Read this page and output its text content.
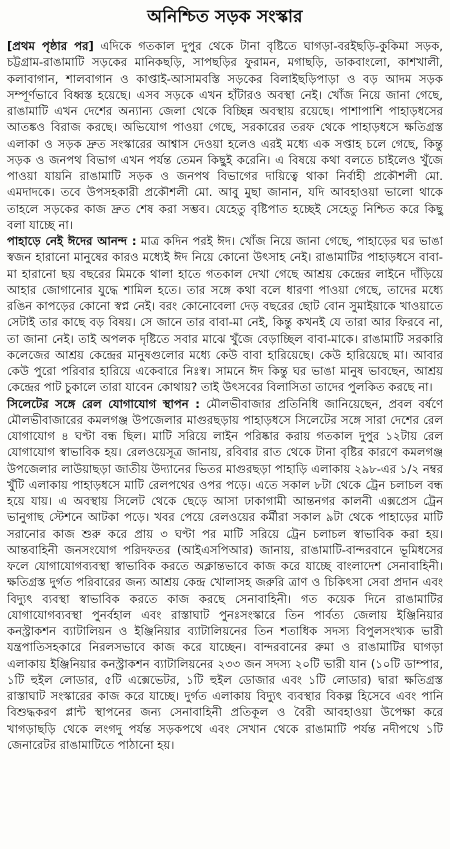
অনিশ্চিত সড়ক সংস্কার

[প্রথম পৃষ্ঠার পর] এদিকে গতকাল দুপুর থেকে টানা বৃষ্টিতে ঘাগড়া-বরইছড়ি-কুকিমা সড়ক, চট্টগ্রাম-রাঙামাটি সড়কের মানিকছড়ি, সাপছড়ির ফুরামন, মগাছড়ি, ডাকবাংলো, কাশখালী, কলাবাগান, শালবাগান ও কাপ্তাই-আসামবস্তি সড়কের বিলাইছড়িপাড়া ও বড় আদম সড়ক সম্পূর্ণভাবে বিধ্বস্ত হয়েছে। এসব সড়কে এখন হাঁটারও অবস্থা নেই। খোঁজ নিয়ে জানা গেছে, রাঙামাটি এখন দেশের অন্যান্য জেলা থেকে বিচ্ছিন্ন অবস্থায় রয়েছে। পাশাপাশি পাহাড়ধসের আতঙ্কও বিরাজ করছে। অভিযোগ পাওয়া গেছে, সরকারের তরফ থেকে পাহাড়ধসে ক্ষতিগ্রস্ত এলাকা ও সড়ক দ্রুত সংস্কারের আশ্বাস দেওয়া হলেও এরই মধ্যে এক সপ্তাহ চলে গেছে, কিন্তু সড়ক ও জনপথ বিভাগ এখন পর্যন্ত তেমন কিছুই করেনি। এ বিষয়ে কথা বলতে চাইলেও খুঁজে পাওয়া যায়নি রাঙামাটি সড়ক ও জনপথ বিভাগের দায়িত্বে থাকা নির্বাহী প্রকৌশলী মো. এমদাদকে। তবে উপসহকারী প্রকৌশলী মো. আবু মুছা জানান, যদি আবহাওয়া ভালো থাকে তাহলে সড়কের কাজ দ্রুত শেষ করা সম্ভব। যেহেতু বৃষ্টিপাত হচ্ছেই সেহেতু নিশ্চিত করে কিছু বলা যাচ্ছে না।

পাহাড়ে নেই ঈদের আনন্দ : মাত্র কদিন পরই ঈদ। খোঁজ নিয়ে জানা গেছে, পাহাড়ের ঘর ভাঙা স্বজন হারানো মানুষের কারও মধ্যেই ঈদ নিয়ে কোনো উৎসাহ নেই। রাঙামাটির পাহাড়ধসে বাবা-মা হারানো ছয় বছরের মিমকে থালা হাতে গতকাল দেখা গেছে আশ্রয় কেন্দ্রের লাইনে দাঁড়িয়ে আহার জোগানোর যুদ্ধে শামিল হতে। তার সঙ্গে কথা বলে ধারণা পাওয়া গেছে, তাদের মধ্যে রঙিন কাপড়ের কোনো স্বপ্ন নেই। বরং কোনোবেলা দেড় বছরের ছোট বোন সুমাইয়াকে খাওয়াতে সেটাই তার কাছে বড় বিষয়। সে জানে তার বাবা-মা নেই, কিন্তু কখনই যে তারা আর ফিরবে না, তা জানা নেই। তাই অপলক দৃষ্টিতে সবার মাঝে খুঁজে বেড়াচ্ছিল বাবা-মাকে। রাঙামাটি সরকারি কলেজের আশ্রয় কেন্দ্রের মানুষগুলোর মধ্যে কেউ বাবা হারিয়েছে। কেউ হারিয়েছে মা। আবার কেউ পুরো পরিবার হারিয়ে একেবারে নিঃস্ব। সামনে ঈদ কিন্তু ঘর ভাঙা মানুষ ভাবছেন, আশ্রয় কেন্দ্রের পাট চুকালে তারা যাবেন কোথায়? তাই উৎসবের বিলাসিতা তাদের পুলকিত করছে না।

সিলেটের সঙ্গে রেল যোগাযোগ স্থাপন : মৌলভীবাজার প্রতিনিধি জানিয়েছেন, প্রবল বর্ষণে মৌলভীবাজারের কমলগঞ্জ উপজেলার মাগুরছড়ায় পাহাড়ধসে সিলেটের সঙ্গে সারা দেশের রেল যোগাযোগ ৪ ঘণ্টা বন্ধ ছিল। মাটি সরিয়ে লাইন পরিষ্কার করায় গতকাল দুপুর ১২টায় রেল যোগাযোগ স্বাভাবিক হয়। রেলওয়েসূত্র জানায়, রবিবার রাত থেকে টানা বৃষ্টির কারণে কমলগঞ্জ উপজেলার লাউয়াছড়া জাতীয় উদ্যানের ভিতর মাগুরছড়া পাহাড়ি এলাকায় ২৯৮-এর ১/২ নম্বর খুঁটি এলাকায় পাহাড়ধসে মাটি রেলপথের ওপর পড়ে। এতে সকাল ৮টা থেকে ট্রেন চলাচল বন্ধ হয়ে যায়। এ অবস্থায় সিলেট থেকে ছেড়ে আসা ঢাকাগামী আন্তনগর কালনী এক্সপ্রেস ট্রেন ভানুগাছ স্টেশনে আটকা পড়ে। খবর পেয়ে রেলওয়ের কর্মীরা সকাল ৯টা থেকে পাহাড়ের মাটি সরানোর কাজ শুরু করে প্রায় ৩ ঘণ্টা পর মাটি সরিয়ে ট্রেন চলাচল স্বাভাবিক করা হয়। আন্তবাহিনী জনসংযোগ পরিদফতর (আইএসপিআর) জানায়, রাঙামাটি-বান্দরবানে ভূমিধসের ফলে যোগাযোগব্যবস্থা স্বাভাবিক করতে অক্লান্তভাবে কাজ করে যাচ্ছে বাংলাদেশ সেনাবাহিনী। ক্ষতিগ্রস্ত দুর্গত পরিবারের জন্য আশ্রয় কেন্দ্র খোলাসহ জরুরি ত্রাণ ও চিকিৎসা সেবা প্রদান এবং বিদ্যুৎ ব্যবস্থা স্বাভাবিক করতে কাজ করছে সেনাবাহিনী। গত কয়েক দিনে রাঙামাটির যোগাযোগব্যবস্থা পুনর্বহাল এবং রাস্তাঘাট পুনঃসংস্কারে তিন পার্বত্য জেলায় ইঞ্জিনিয়ার কনস্ট্রাকশন ব্যাটালিয়ন ও ইঞ্জিনিয়ার ব্যাটালিয়নের তিন শতাধিক সদস্য বিপুলসংখ্যক ভারী যন্ত্রপাতিসহকারে নিরলসভাবে কাজ করে যাচ্ছেন। বান্দরবানের রুমা ও রাঙামাটির ঘাগড়া এলাকায় ইঞ্জিনিয়ার কনস্ট্রাকশন ব্যাটালিয়নের ২৩৩ জন সদস্য ২০টি ভারী যান (১০টি ডাম্পার, ১টি হুইল লোডার, ৫টি এক্সেভেটর, ১টি হুইল ডোজার এবং ১টি লোডার) দ্বারা ক্ষতিগ্রস্ত রাস্তাঘাট সংস্কারের কাজ করে যাচ্ছে। দুর্গত এলাকায় বিদ্যুৎ ব্যবস্থার বিকল্প হিসেবে এবং পানি বিশুদ্ধকরণ প্লান্ট স্থাপনের জন্য সেনাবাহিনী প্রতিকূল ও বৈরী আবহাওয়া উপেক্ষা করে খাগড়াছড়ি থেকে লংগদু পর্যন্ত সড়কপথে এবং সেখান থেকে রাঙামাটি পর্যন্ত নদীপথে ১টি জেনারেটর রাঙামাটিতে পাঠানো হয়।
